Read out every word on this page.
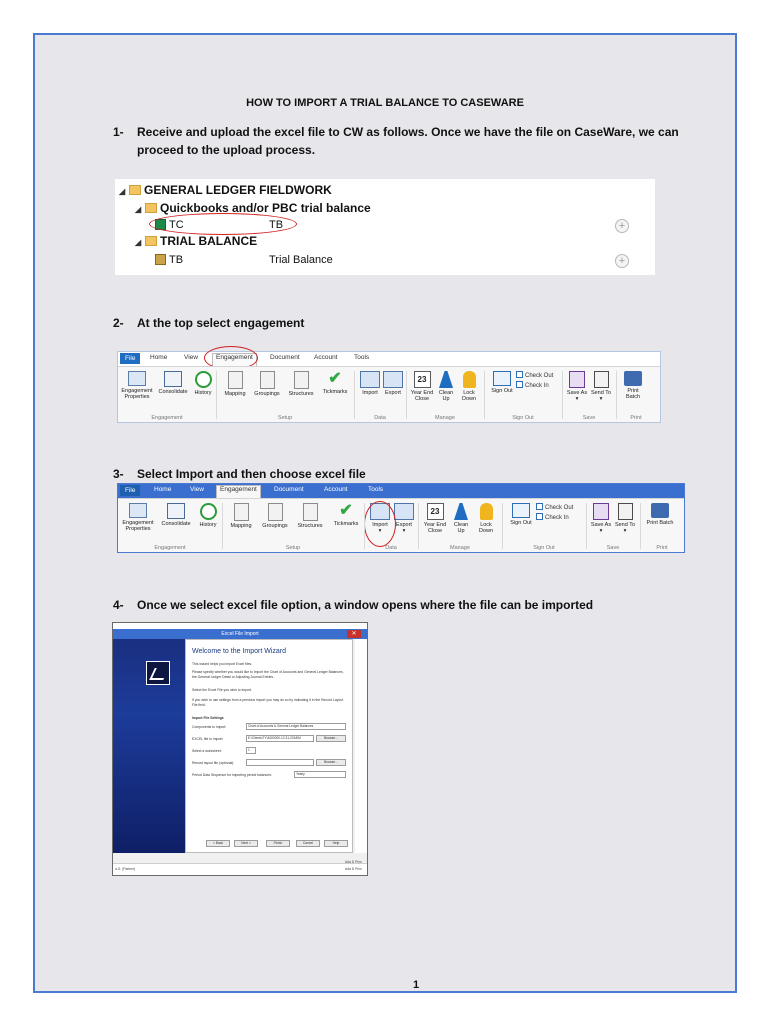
HOW TO IMPORT A TRIAL BALANCE TO CASEWARE
1- Receive and upload the excel file to CW as follows. Once we have the file on CaseWare, we can proceed to the upload process.
◢ GENERAL LEDGER FIELDWORK
◢ Quickbooks and/or PBC trial balance
TC	TB	+
◢ TRIAL BALANCE
TB	Trial Balance	+
2- At the top select engagement
File	Home	View	Engagement	Document Account	Tools
Engagement Properties
Consolidate	History	Mapping	Groupings	Structures
✔
Tickmarks	Import	Export
23
Year End Close
Clean Up
Lock Down
Sign Out
Check Out
Check In
Save As ▾
Send To ▾
Print Batch
Engagement	Setup	Data	Manage	Sign Out	Save	Print
3- Select Import and then choose excel file
File	Home	View	Engagement	Document	Account	Tools
Engagement Properties
Consolidate	History	Mapping	Groupings	Structures
✔
Tickmarks	Import
▾
Export
▾
23
Year End Close
Clean Up
Lock Down
Sign Out
Check Out
Check In
Save As ▾
Send To ▾
Print Batch
Engagement	Setup	Data	Manage	Sign Out	Save	Print
4- Once we select excel file option, a window opens where the file can be imported
1
Excel File Import	✕
Welcome to the Import Wizard
This wizard helps you import Excel files.
Please specify whether you would like to import the Chart of Accounts and General Ledger Balances, the General Ledger Detail or Adjusting Journal Entries.
Select the Excel File you wish to import.
If you wish to use settings from a previous import you may do so by indicating it in the Record Layout File field.
Import File Settings
Components to import:	Chart of Accounts & General Ledger Balances
EXCEL file to import:	E:\Clients\TY\4000000-12-31-2018\M	Browse...
Select a worksheet:	1
Record layout file (optional):	Browse...
Period Data Sequence for importing period balances:	Yearly
< Back	Next >	Finish	Cancel	Help
a.G. (Partner)
Ada D Pinn
Ada D Pinn
